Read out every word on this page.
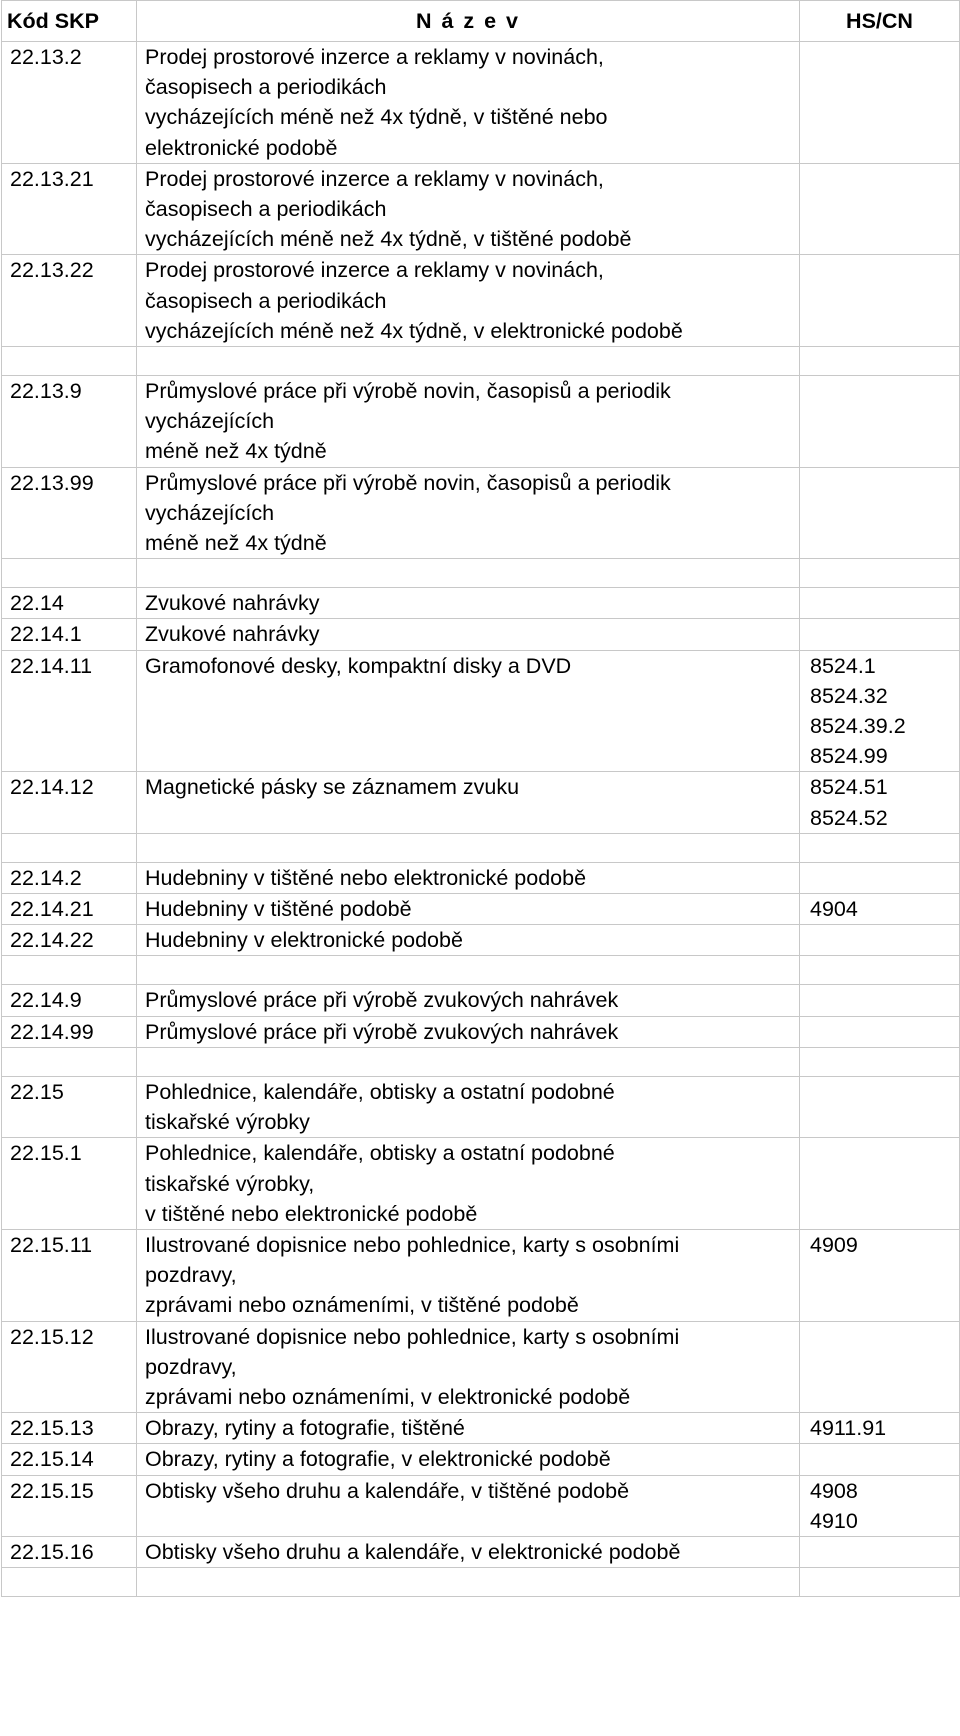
Kód SKP	N á z e v	HS/CN
22.13.2	Prodej prostorové inzerce a reklamy v novinách,
časopisech a periodikách
vycházejících méně než 4x týdně, v tištěné nebo
elektronické podobě	
22.13.21	Prodej prostorové inzerce a reklamy v novinách,
časopisech a periodikách
vycházejících méně než 4x týdně, v tištěné podobě	
22.13.22	Prodej prostorové inzerce a reklamy v novinách,
časopisech a periodikách
vycházejících méně než 4x týdně, v elektronické podobě	

22.13.9	Průmyslové práce při výrobě novin, časopisů a periodik
vycházejících
méně než 4x týdně	
22.13.99	Průmyslové práce při výrobě novin, časopisů a periodik
vycházejících
méně než 4x týdně	

22.14	Zvukové nahrávky	
22.14.1	Zvukové nahrávky	
22.14.11	Gramofonové desky, kompaktní disky a DVD	8524.1
8524.32
8524.39.2
8524.99
22.14.12	Magnetické pásky se záznamem zvuku	8524.51
8524.52

22.14.2	Hudebniny v tištěné nebo elektronické podobě	
22.14.21	Hudebniny v tištěné podobě	4904
22.14.22	Hudebniny v elektronické podobě	

22.14.9	Průmyslové práce při výrobě zvukových nahrávek	
22.14.99	Průmyslové práce při výrobě zvukových nahrávek	

22.15	Pohlednice, kalendáře, obtisky a ostatní podobné
tiskařské výrobky	
22.15.1	Pohlednice, kalendáře, obtisky a ostatní podobné
tiskařské výrobky,
v tištěné nebo elektronické podobě	
22.15.11	Ilustrované dopisnice nebo pohlednice, karty s osobními
pozdravy,
zprávami nebo oznámeními, v tištěné podobě	4909
22.15.12	Ilustrované dopisnice nebo pohlednice, karty s osobními
pozdravy,
zprávami nebo oznámeními, v elektronické podobě	
22.15.13	Obrazy, rytiny a fotografie, tištěné	4911.91
22.15.14	Obrazy, rytiny a fotografie, v elektronické podobě	
22.15.15	Obtisky všeho druhu a kalendáře, v tištěné podobě	4908
4910
22.15.16	Obtisky všeho druhu a kalendáře, v elektronické podobě	
